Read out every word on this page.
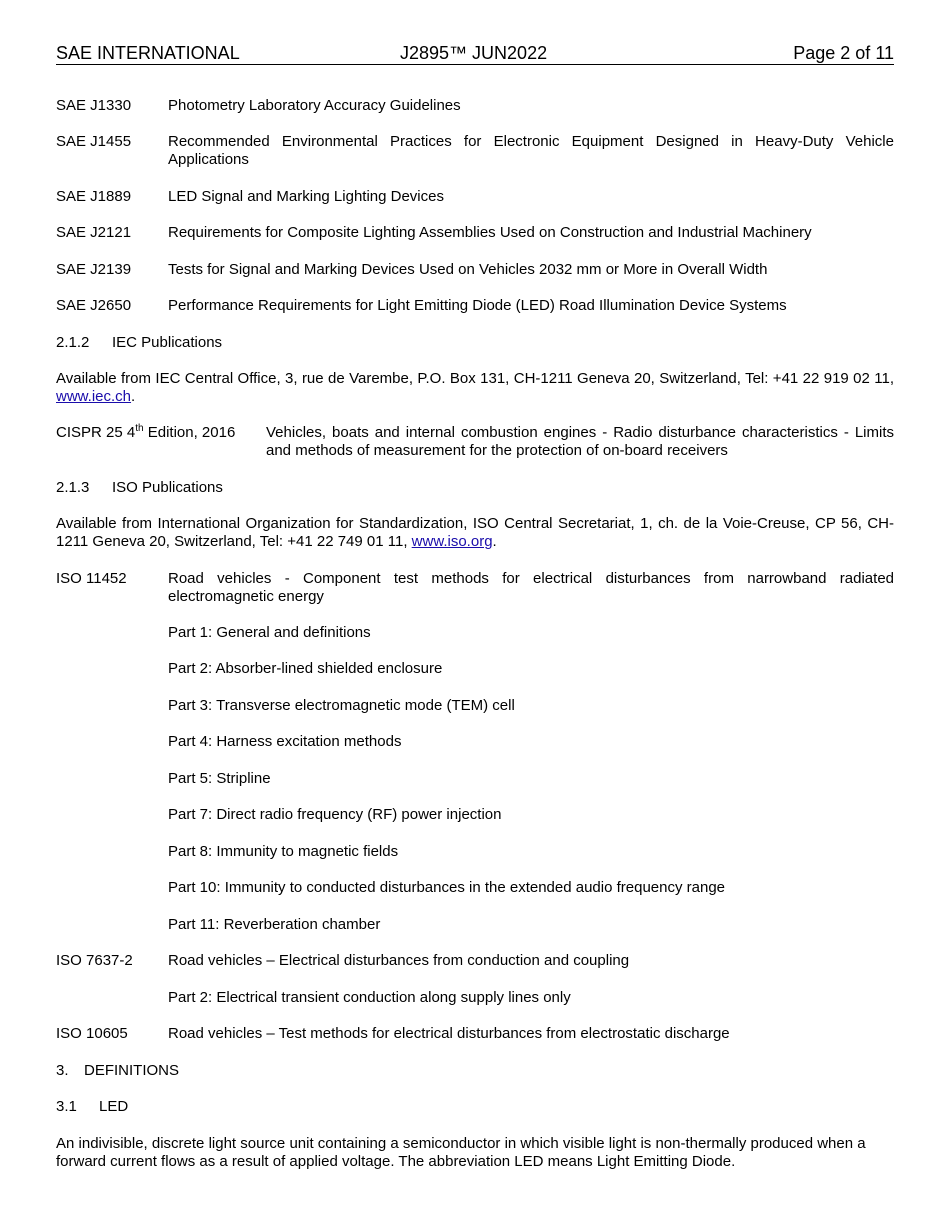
SAE INTERNATIONAL	J2895™ JUN2022	Page 2 of 11
SAE J1330	Photometry Laboratory Accuracy Guidelines
SAE J1455	Recommended Environmental Practices for Electronic Equipment Designed in Heavy-Duty Vehicle Applications
SAE J1889	LED Signal and Marking Lighting Devices
SAE J2121	Requirements for Composite Lighting Assemblies Used on Construction and Industrial Machinery
SAE J2139	Tests for Signal and Marking Devices Used on Vehicles 2032 mm or More in Overall Width
SAE J2650	Performance Requirements for Light Emitting Diode (LED) Road Illumination Device Systems
2.1.2 IEC Publications
Available from IEC Central Office, 3, rue de Varembe, P.O. Box 131, CH-1211 Geneva 20, Switzerland, Tel: +41 22 919 02 11, www.iec.ch.
CISPR 25 4th Edition, 2016	Vehicles, boats and internal combustion engines - Radio disturbance characteristics - Limits and methods of measurement for the protection of on-board receivers
2.1.3 ISO Publications
Available from International Organization for Standardization, ISO Central Secretariat, 1, ch. de la Voie-Creuse, CP 56, CH-1211 Geneva 20, Switzerland, Tel: +41 22 749 01 11, www.iso.org.
ISO 11452	Road vehicles - Component test methods for electrical disturbances from narrowband radiated electromagnetic energy
Part 1: General and definitions
Part 2: Absorber-lined shielded enclosure
Part 3: Transverse electromagnetic mode (TEM) cell
Part 4: Harness excitation methods
Part 5: Stripline
Part 7: Direct radio frequency (RF) power injection
Part 8: Immunity to magnetic fields
Part 10: Immunity to conducted disturbances in the extended audio frequency range
Part 11: Reverberation chamber
ISO 7637-2	Road vehicles – Electrical disturbances from conduction and coupling
Part 2: Electrical transient conduction along supply lines only
ISO 10605	Road vehicles – Test methods for electrical disturbances from electrostatic discharge
3. DEFINITIONS
3.1 LED
An indivisible, discrete light source unit containing a semiconductor in which visible light is non-thermally produced when a forward current flows as a result of applied voltage. The abbreviation LED means Light Emitting Diode.
